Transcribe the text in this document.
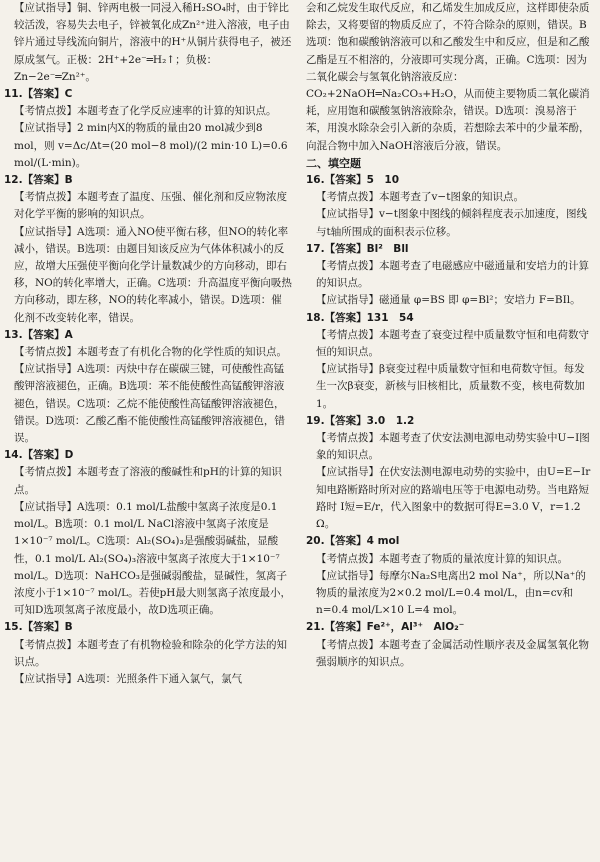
【应试指导】铜、锌两电极一同浸入稀H₂SO₄时，由于锌比较活泼，容易失去电子，锌被氧化成Zn²⁺进入溶液，电子由锌片通过导线流向铜片，溶液中的H⁺从铜片获得电子，被还原成氢气。正极：2H⁺+2e⁻═H₂↑；负极：Zn−2e⁻═Zn²⁺。
11.【答案】C
【考情点拨】本题考查了化学反应速率的计算的知识点。
【应试指导】2 min内X的物质的量由20 mol减少到8 mol，则 v=Δc/Δt=(20 mol−8 mol)/(2 min·10 L)=0.6 mol/(L·min)。
12.【答案】B
【考情点拨】本题考查了温度、压强、催化剂和反应物浓度对化学平衡的影响的知识点。
【应试指导】A选项：通入NO使平衡右移，但NO的转化率减小，错误。B选项：由题目知该反应为气体体积减小的反应，故增大压强使平衡向化学计量数减少的方向移动，即右移，NO的转化率增大，正确。C选项：升高温度平衡向吸热方向移动，即左移，NO的转化率减小，错误。D选项：催化剂不改变转化率，错误。
13.【答案】A
【考情点拨】本题考查了有机化合物的化学性质的知识点。
【应试指导】A选项：丙炔中存在碳碳三键，可使酸性高锰酸钾溶液褪色，正确。B选项：苯不能使酸性高锰酸钾溶液褪色，错误。C选项：乙烷不能使酸性高锰酸钾溶液褪色，错误。D选项：乙酸乙酯不能使酸性高锰酸钾溶液褪色，错误。
14.【答案】D
【考情点拨】本题考查了溶液的酸碱性和pH的计算的知识点。
【应试指导】A选项：0.1 mol/L盐酸中氢离子浓度是0.1 mol/L。B选项：0.1 mol/L NaCl溶液中氢离子浓度是1×10⁻⁷ mol/L。C选项：Al₂(SO₄)₃是强酸弱碱盐，显酸性，0.1 mol/L Al₂(SO₄)₃溶液中氢离子浓度大于1×10⁻⁷ mol/L。D选项：NaHCO₃是强碱弱酸盐，显碱性，氢离子浓度小于1×10⁻⁷ mol/L。若使pH最大则氢离子浓度最小，可知D选项氢离子浓度最小，故D选项正确。
15.【答案】B
【考情点拨】本题考查了有机物检验和除杂的化学方法的知识点。
【应试指导】A选项：光照条件下通入氯气，氯气
会和乙烷发生取代反应，和乙烯发生加成反应，这样即使杂质除去，又将要留的物质反应了，不符合除杂的原则，错误。B选项：饱和碳酸钠溶液可以和乙酸发生中和反应，但是和乙酸乙酯是互不相溶的，分液即可实现分离，正确。C选项：因为二氧化碳会与氢氧化钠溶液反应：CO₂+2NaOH═Na₂CO₃+H₂O，从而使主要物质二氧化碳消耗，应用饱和碳酸氢钠溶液除杂，错误。D选项：溴易溶于苯，用溴水除杂会引入新的杂质，若想除去苯中的少量苯酚，向混合物中加入NaOH溶液后分液，错误。
二、填空题
16.【答案】5　10
【考情点拨】本题考查了v−t图象的知识点。
【应试指导】v−t图象中图线的倾斜程度表示加速度，图线与t轴所围成的面积表示位移。
17.【答案】Bl²　Bll
【考情点拨】本题考查了电磁感应中磁通量和安培力的计算的知识点。
【应试指导】磁通量 φ=BS 即 φ=Bl²；安培力 F=BIl。
18.【答案】131　54
【考情点拨】本题考查了衰变过程中质量数守恒和电荷数守恒的知识点。
【应试指导】β衰变过程中质量数守恒和电荷数守恒。每发生一次β衰变，新核与旧核相比，质量数不变，核电荷数加1。
19.【答案】3.0　1.2
【考情点拨】本题考查了伏安法测电源电动势实验中U−I图象的知识点。
【应试指导】在伏安法测电源电动势的实验中，由U=E−Ir知电路断路时所对应的路端电压等于电源电动势。当电路短路时 I短=E/r，代入图象中的数据可得E=3.0 V，r=1.2 Ω。
20.【答案】4 mol
【考情点拨】本题考查了物质的量浓度计算的知识点。
【应试指导】每摩尔Na₂S电离出2 mol Na⁺，所以Na⁺的物质的量浓度为2×0.2 mol/L=0.4 mol/L，由n=cv和n=0.4 mol/L×10 L=4 mol。
21.【答案】Fe²⁺，Al³⁺　AlO₂⁻
【考情点拨】本题考查了金属活动性顺序表及金属氢氧化物强弱顺序的知识点。
